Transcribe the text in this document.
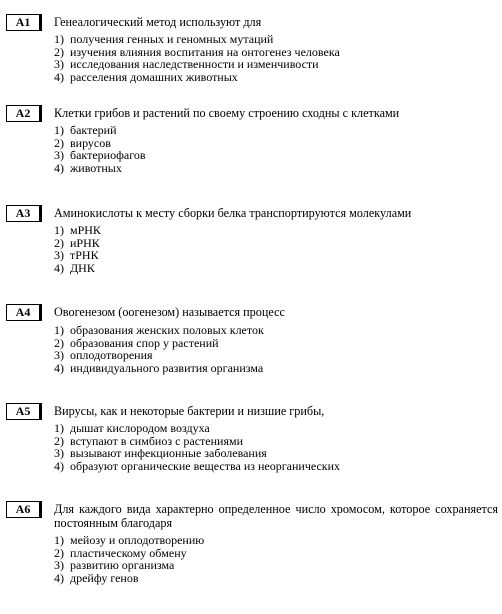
A1	Генеалогический метод используют для
1) получения генных и геномных мутаций
2) изучения влияния воспитания на онтогенез человека
3) исследования наследственности и изменчивости
4) расселения домашних животных
A2	Клетки грибов и растений по своему строению сходны с клетками
1) бактерий
2) вирусов
3) бактериофагов
4) животных
A3	Аминокислоты к месту сборки белка транспортируются молекулами
1) мРНК
2) иРНК
3) тРНК
4) ДНК
A4	Овогенезом (оогенезом) называется процесс
1) образования женских половых клеток
2) образования спор у растений
3) оплодотворения
4) индивидуального развития организма
A5	Вирусы, как и некоторые бактерии и низшие грибы,
1) дышат кислородом воздуха
2) вступают в симбиоз с растениями
3) вызывают инфекционные заболевания
4) образуют органические вещества из неорганических
A6	Для каждого вида характерно определенное число хромосом, которое сохраняется постоянным благодаря
1) мейозу и оплодотворению
2) пластическому обмену
3) развитию организма
4) дрейфу генов
